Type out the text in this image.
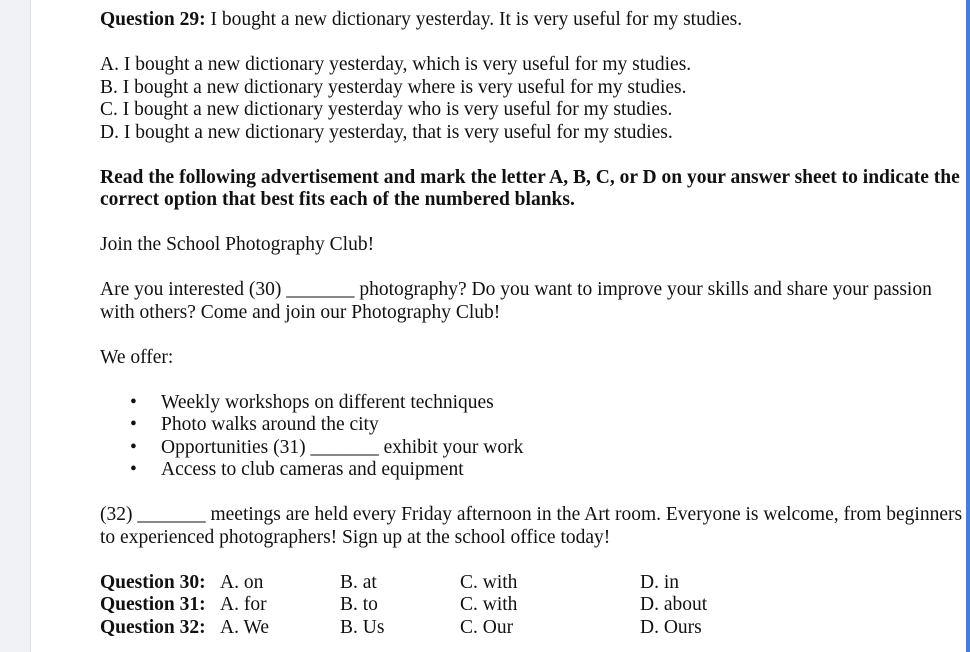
Question 29: I bought a new dictionary yesterday. It is very useful for my studies.

A. I bought a new dictionary yesterday, which is very useful for my studies.

B. I bought a new dictionary yesterday where is very useful for my studies.

C. I bought a new dictionary yesterday who is very useful for my studies.

D. I bought a new dictionary yesterday, that is very useful for my studies.

Read the following advertisement and mark the letter A, B, C, or D on your answer sheet to indicate the correct option that best fits each of the numbered blanks.

Join the School Photography Club!

Are you interested (30) _______ photography? Do you want to improve your skills and share your passion with others? Come and join our Photography Club!

We offer:

• Weekly workshops on different techniques
• Photo walks around the city
• Opportunities (31) _______ exhibit your work
• Access to club cameras and equipment

(32) _______ meetings are held every Friday afternoon in the Art room. Everyone is welcome, from beginners to experienced photographers! Sign up at the school office today!

Question 30:	A. on	B. at	C. with	D. in
Question 31:	A. for	B. to	C. with	D. about
Question 32:	A. We	B. Us	C. Our	D. Ours
